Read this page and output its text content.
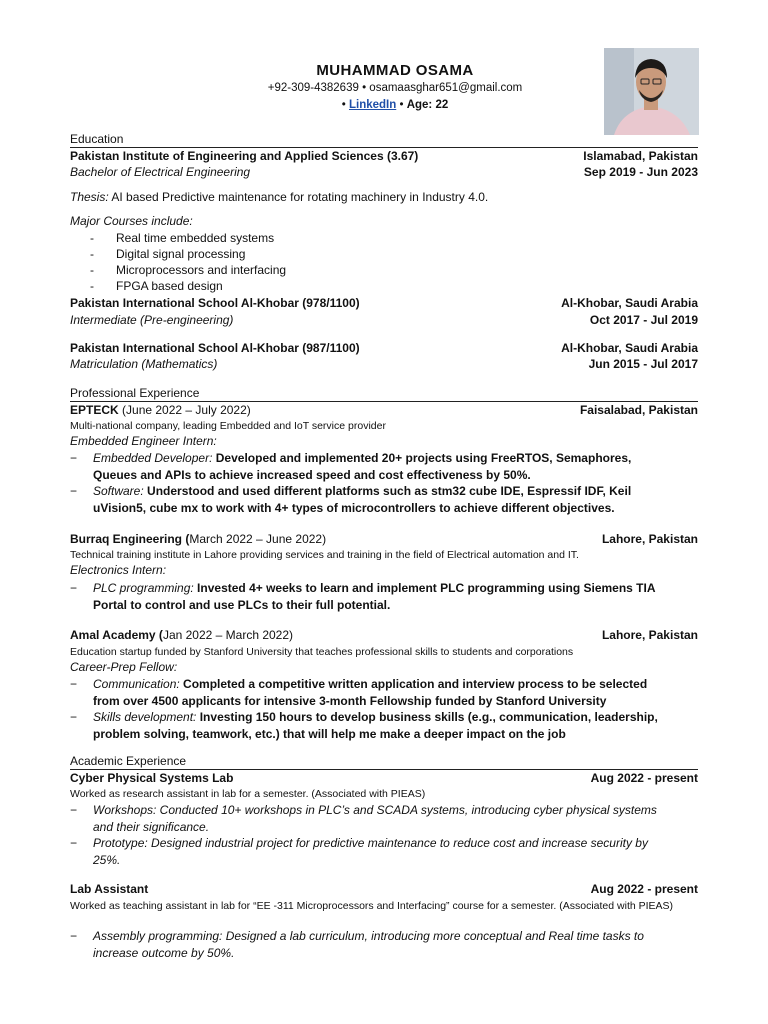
MUHAMMAD OSAMA
+92-309-4382639 • osamaasghar651@gmail.com
• LinkedIn • Age: 22
Education
Pakistan Institute of Engineering and Applied Sciences (3.67)	Islamabad, Pakistan
Bachelor of Electrical Engineering	Sep 2019 - Jun 2023
Thesis: AI based Predictive maintenance for rotating machinery in Industry 4.0.
Major Courses include:
- Real time embedded systems
- Digital signal processing
- Microprocessors and interfacing
- FPGA based design
Pakistan International School Al-Khobar (978/1100)	Al-Khobar, Saudi Arabia
Intermediate (Pre-engineering)	Oct 2017 - Jul 2019
Pakistan International School Al-Khobar (987/1100)	Al-Khobar, Saudi Arabia
Matriculation (Mathematics)	Jun 2015 - Jul 2017
Professional Experience
EPTECK (June 2022 – July 2022)	Faisalabad, Pakistan
Multi-national company, leading Embedded and IoT service provider
Embedded Engineer Intern:
− Embedded Developer: Developed and implemented 20+ projects using FreeRTOS, Semaphores, Queues and APIs to achieve increased speed and cost effectiveness by 50%.
− Software: Understood and used different platforms such as stm32 cube IDE, Espressif IDF, Keil uVision5, cube mx to work with 4+ types of microcontrollers to achieve different objectives.
Burraq Engineering (March 2022 – June 2022)	Lahore, Pakistan
Technical training institute in Lahore providing services and training in the field of Electrical automation and IT.
Electronics Intern:
− PLC programming: Invested 4+ weeks to learn and implement PLC programming using Siemens TIA Portal to control and use PLCs to their full potential.
Amal Academy (Jan 2022 – March 2022)	Lahore, Pakistan
Education startup funded by Stanford University that teaches professional skills to students and corporations
Career-Prep Fellow:
− Communication: Completed a competitive written application and interview process to be selected from over 4500 applicants for intensive 3-month Fellowship funded by Stanford University
− Skills development: Investing 150 hours to develop business skills (e.g., communication, leadership, problem solving, teamwork, etc.) that will help me make a deeper impact on the job
Academic Experience
Cyber Physical Systems Lab	Aug 2022 - present
Worked as research assistant in lab for a semester. (Associated with PIEAS)
− Workshops: Conducted 10+ workshops in PLC’s and SCADA systems, introducing cyber physical systems and their significance.
− Prototype: Designed industrial project for predictive maintenance to reduce cost and increase security by 25%.
Lab Assistant	Aug 2022 - present
Worked as teaching assistant in lab for “EE -311 Microprocessors and Interfacing” course for a semester. (Associated with PIEAS)
− Assembly programming: Designed a lab curriculum, introducing more conceptual and Real time tasks to increase outcome by 50%.
